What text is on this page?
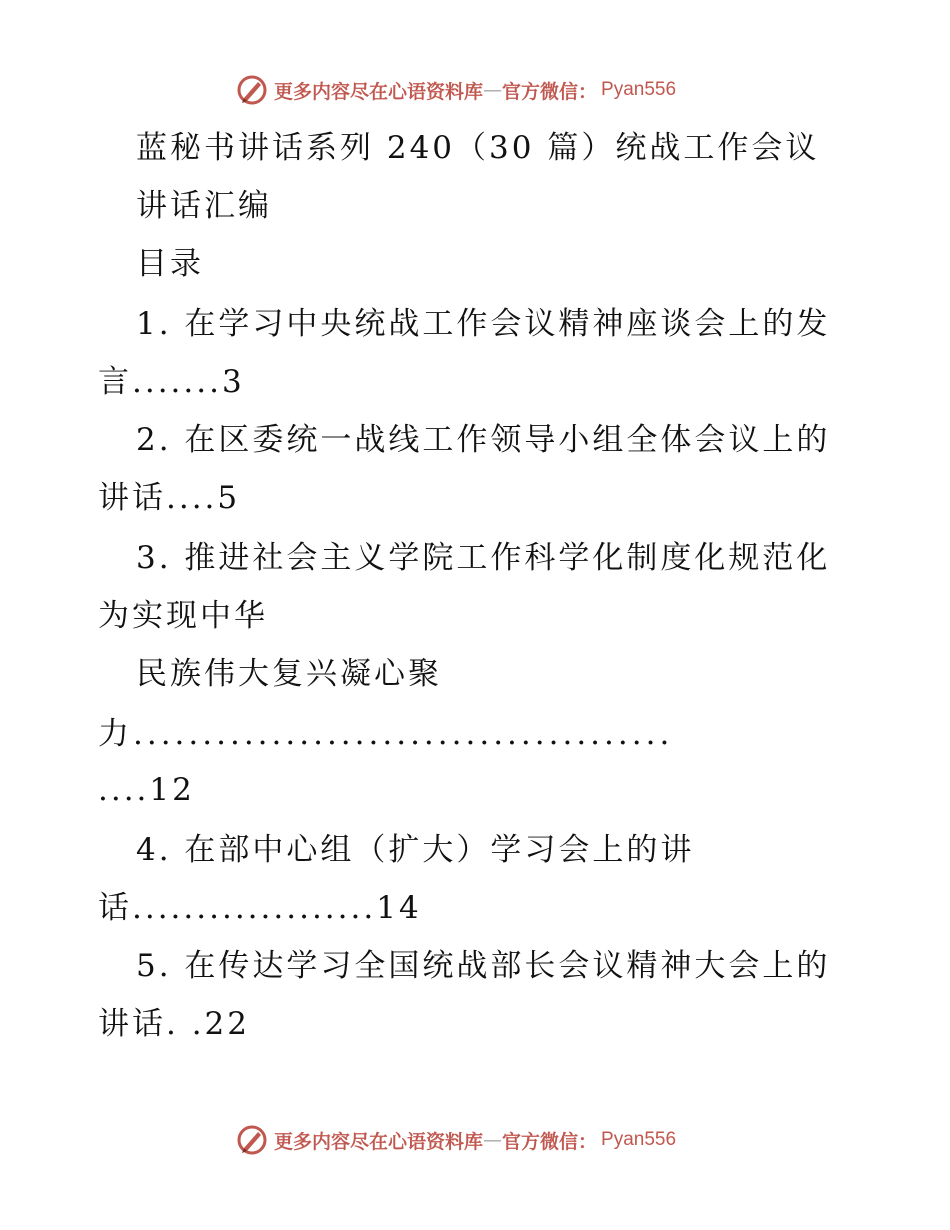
更多内容尽在心语资料库 — 官方微信： Pyan556
蓝秘书讲话系列 240（30 篇）统战工作会议
讲话汇编
目录
1. 在学习中央统战工作会议精神座谈会上的发
言.......3
2. 在区委统一战线工作领导小组全体会议上的
讲话....5
3. 推进社会主义学院工作科学化制度化规范化
为实现中华
民族伟大复兴凝心聚
力.......................................
....12
4. 在部中心组（扩大）学习会上的讲
话...................14
5. 在传达学习全国统战部长会议精神大会上的
讲话. .22
更多内容尽在心语资料库 — 官方微信： Pyan556
